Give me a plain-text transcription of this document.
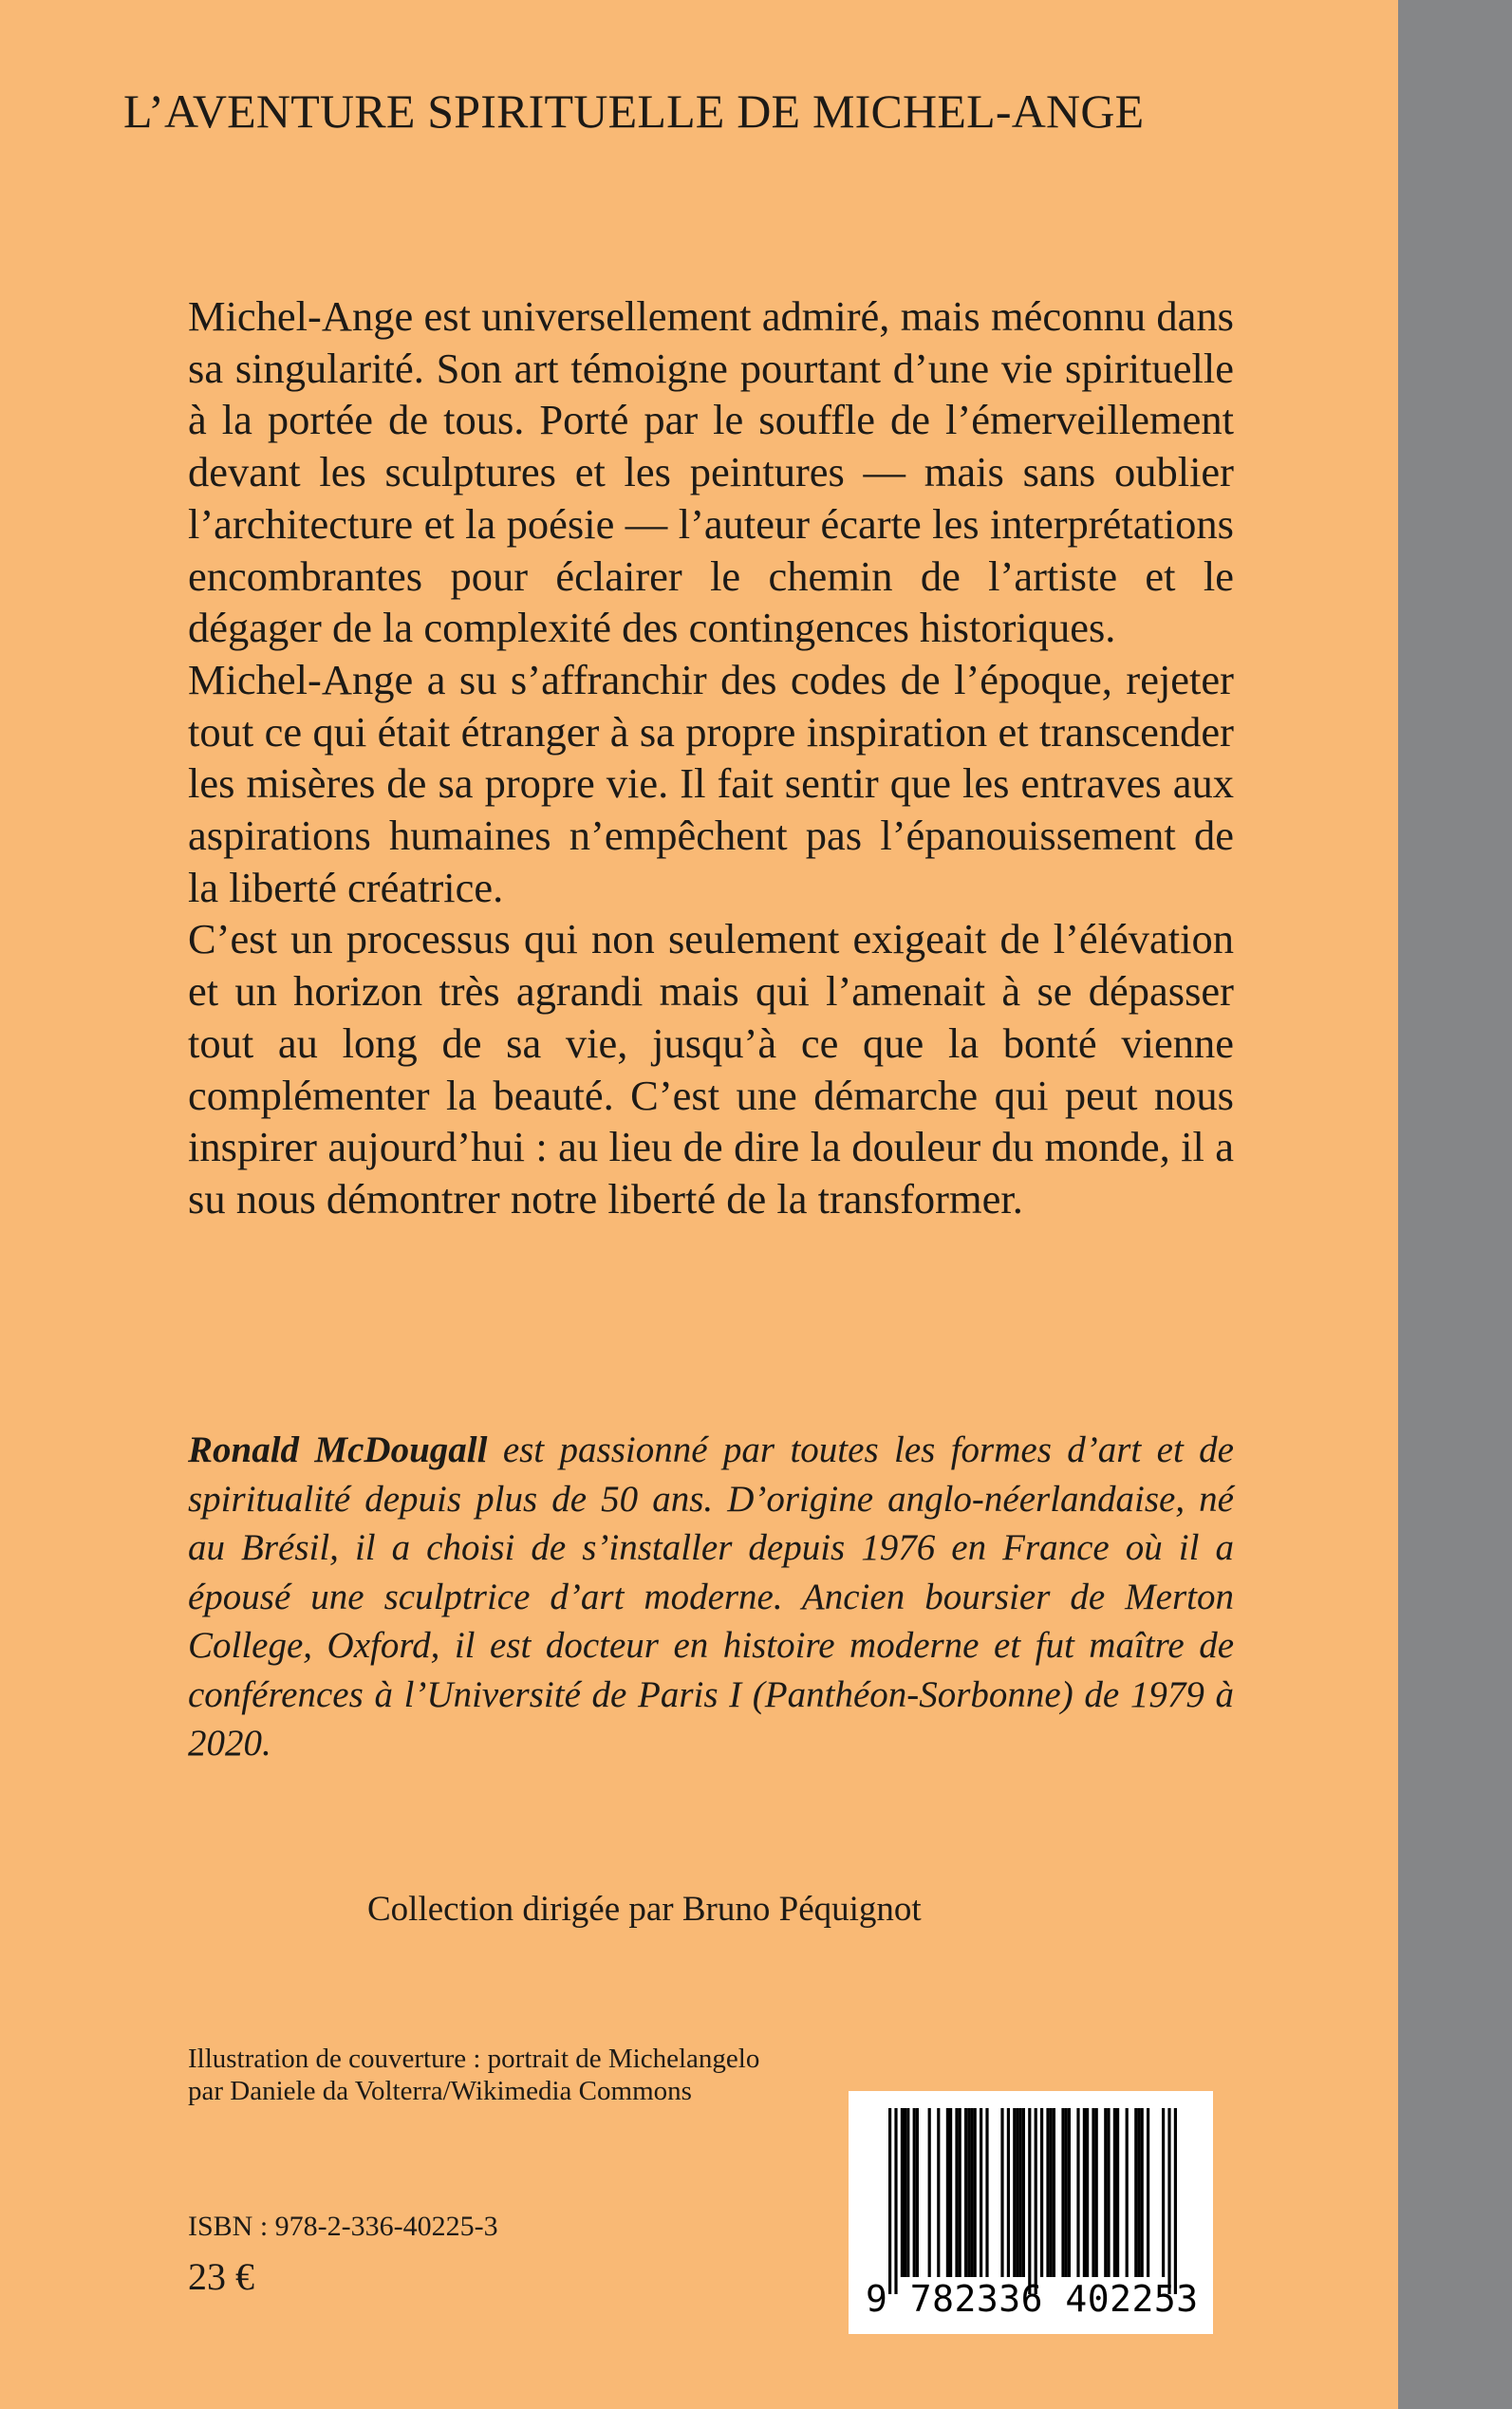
L’AVENTURE SPIRITUELLE DE MICHEL-ANGE

Michel-Ange est universellement admiré, mais méconnu dans sa singularité. Son art témoigne pourtant d’une vie spirituelle à la portée de tous. Porté par le souffle de l’émerveillement devant les sculptures et les peintures — mais sans oublier l’architecture et la poésie — l’auteur écarte les interprétations encombrantes pour éclairer le chemin de l’artiste et le dégager de la complexité des contingences historiques.

Michel-Ange a su s’affranchir des codes de l’époque, rejeter tout ce qui était étranger à sa propre inspiration et transcender les misères de sa propre vie. Il fait sentir que les entraves aux aspirations humaines n’empêchent pas l’épanouissement de la liberté créatrice.

C’est un processus qui non seulement exigeait de l’élévation et un horizon très agrandi mais qui l’amenait à se dépasser tout au long de sa vie, jusqu’à ce que la bonté vienne complémenter la beauté. C’est une démarche qui peut nous inspirer aujourd’hui : au lieu de dire la douleur du monde, il a su nous démontrer notre liberté de la transformer.

Ronald McDougall est passionné par toutes les formes d’art et de spiritualité depuis plus de 50 ans. D’origine anglo-néerlandaise, né au Brésil, il a choisi de s’installer depuis 1976 en France où il a épousé une sculptrice d’art moderne. Ancien boursier de Merton College, Oxford, il est docteur en histoire moderne et fut maître de conférences à l’Université de Paris I (Panthéon-Sorbonne) de 1979 à 2020.

Collection dirigée par Bruno Péquignot

Illustration de couverture : portrait de Michelangelo
par Daniele da Volterra/Wikimedia Commons

ISBN : 978-2-336-40225-3

23 €

9 782336 402253
